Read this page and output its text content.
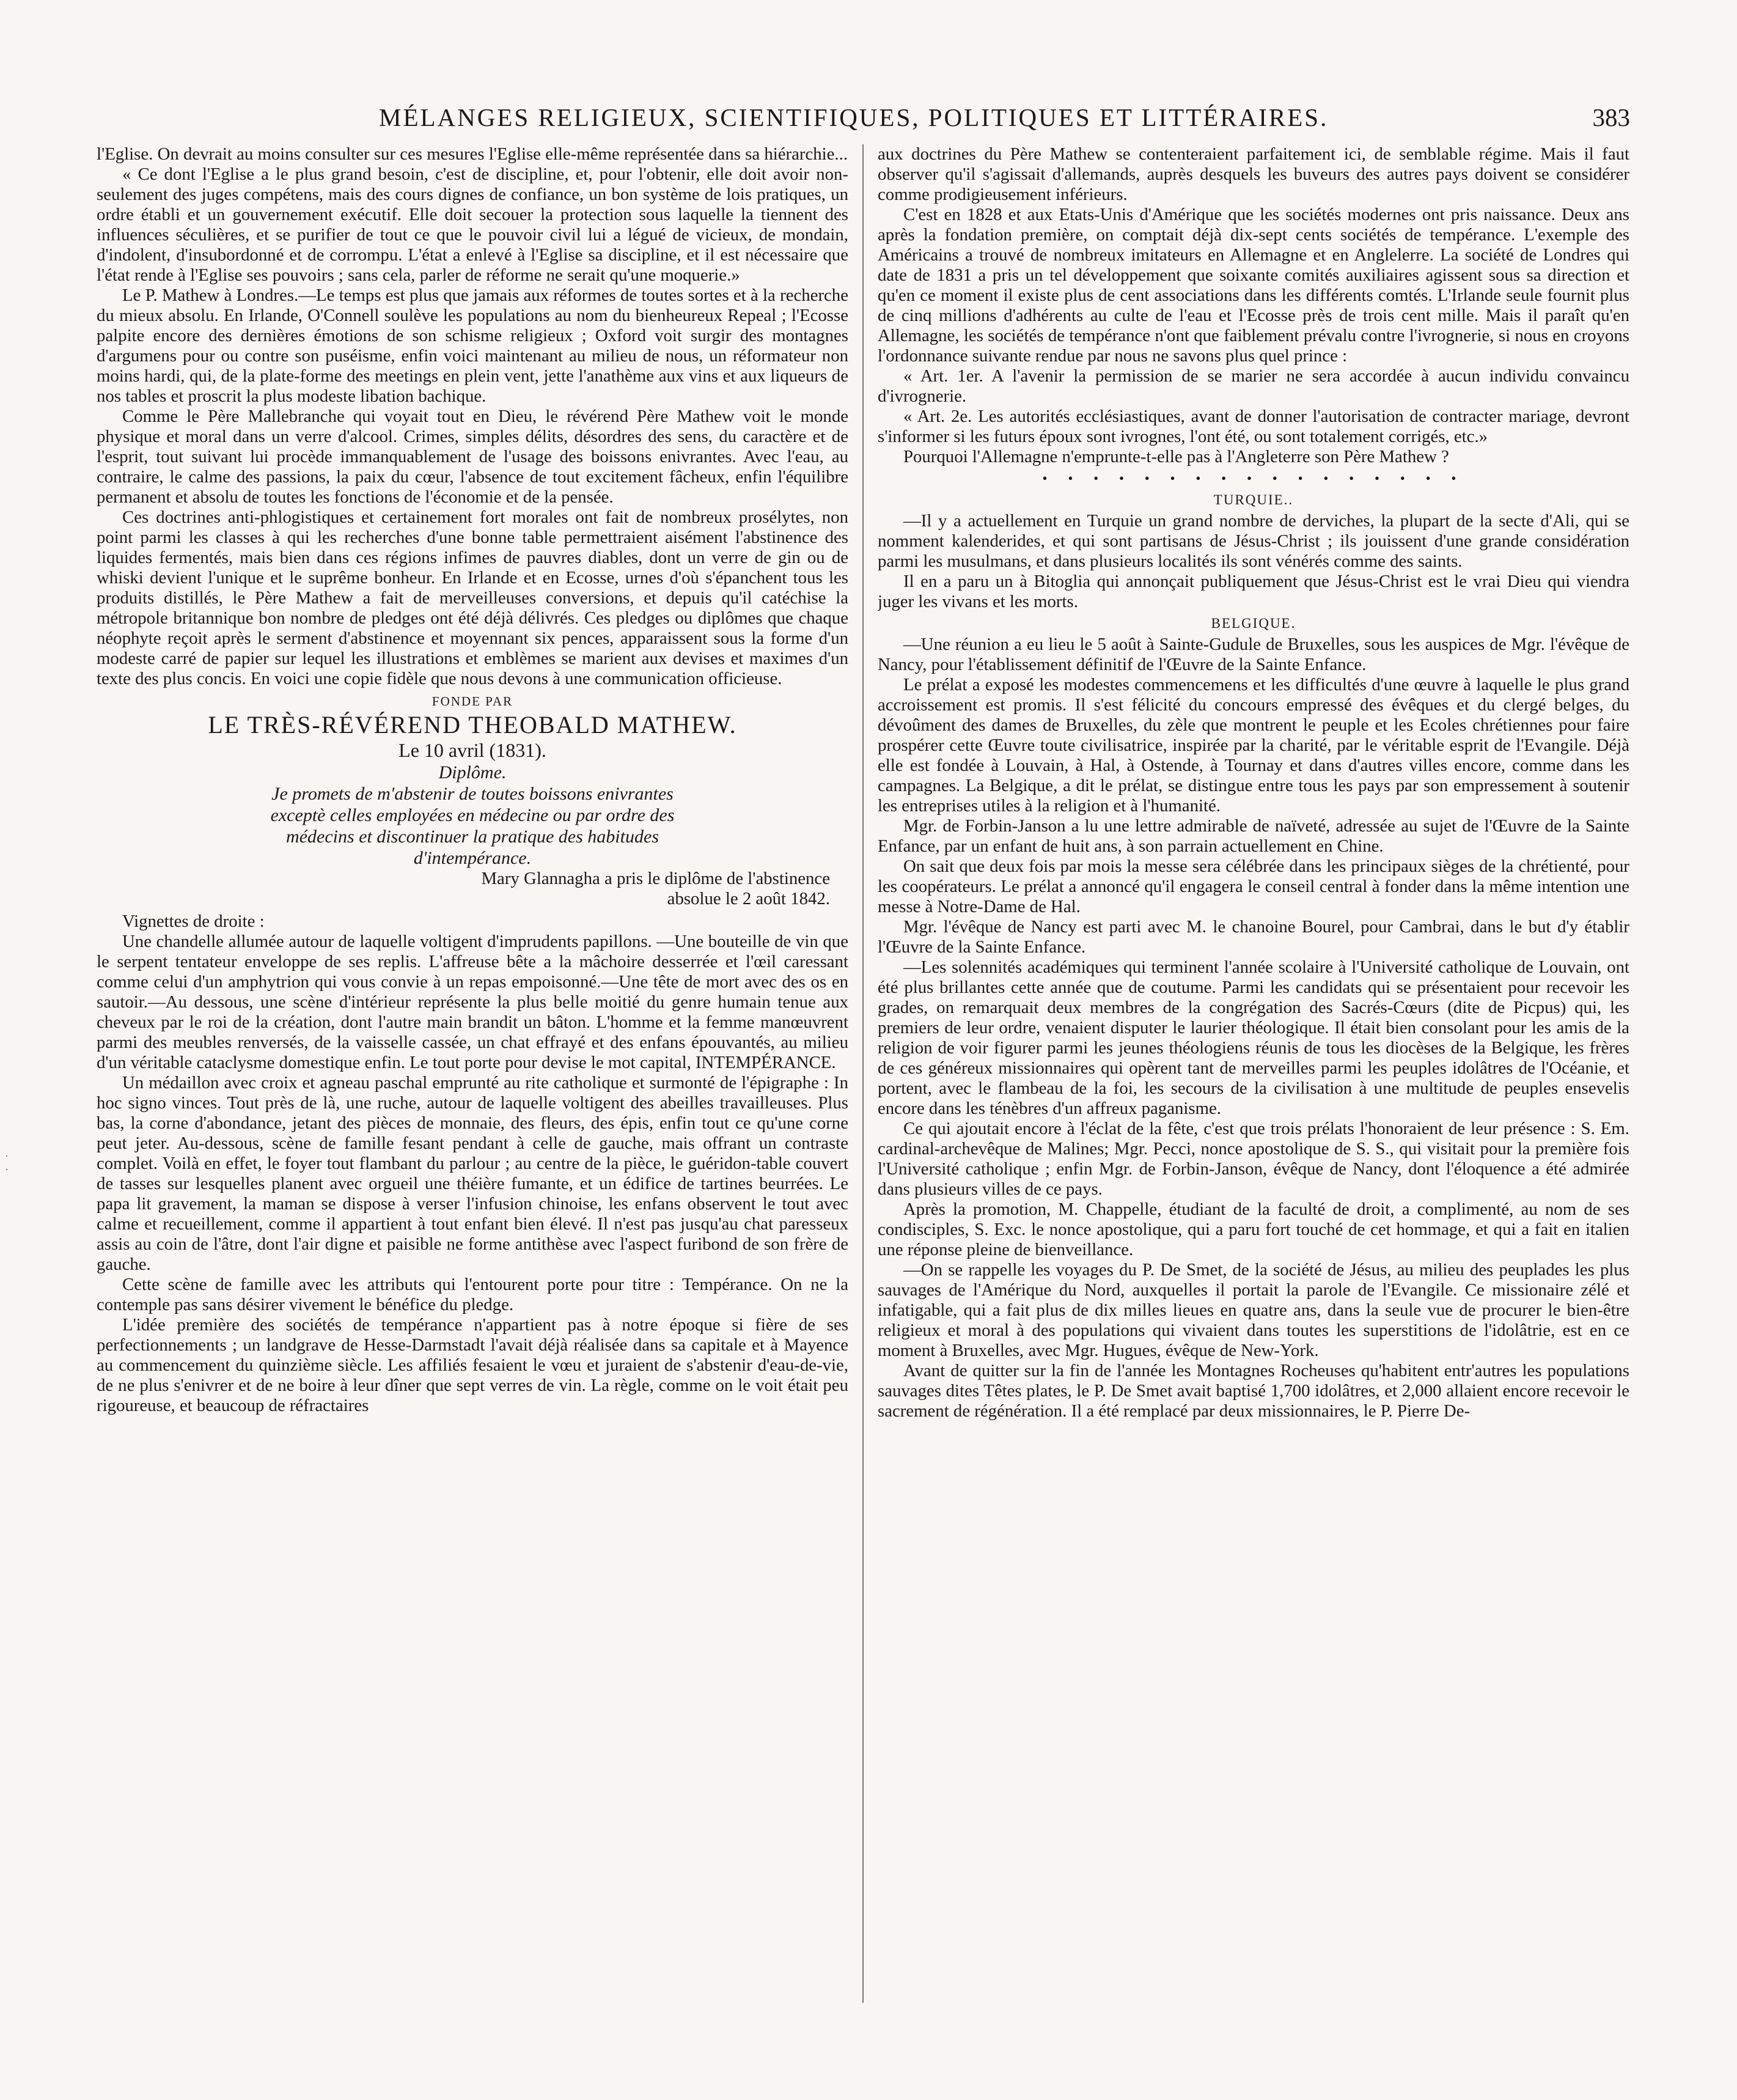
MÉLANGES RELIGIEUX, SCIENTIFIQUES, POLITIQUES ET LITTÉRAIRES.	383
·
·

l'Eglise. On devrait au moins consulter sur ces mesures l'Eglise elle-même représentée dans sa hiérarchie...

« Ce dont l'Eglise a le plus grand besoin, c'est de discipline, et, pour l'obtenir, elle doit avoir non-seulement des juges compétens, mais des cours dignes de confiance, un bon système de lois pratiques, un ordre établi et un gouvernement exécutif. Elle doit secouer la protection sous laquelle la tiennent des influences séculières, et se purifier de tout ce que le pouvoir civil lui a légué de vicieux, de mondain, d'indolent, d'insubordonné et de corrompu. L'état a enlevé à l'Eglise sa discipline, et il est nécessaire que l'état rende à l'Eglise ses pouvoirs ; sans cela, parler de réforme ne serait qu'une moquerie.»

Le P. Mathew à Londres.—Le temps est plus que jamais aux réformes de toutes sortes et à la recherche du mieux absolu. En Irlande, O'Connell soulève les populations au nom du bienheureux Repeal ; l'Ecosse palpite encore des dernières émotions de son schisme religieux ; Oxford voit surgir des montagnes d'argumens pour ou contre son puséisme, enfin voici maintenant au milieu de nous, un réformateur non moins hardi, qui, de la plate-forme des meetings en plein vent, jette l'anathème aux vins et aux liqueurs de nos tables et proscrit la plus modeste libation bachique.

Comme le Père Mallebranche qui voyait tout en Dieu, le révérend Père Mathew voit le monde physique et moral dans un verre d'alcool. Crimes, simples délits, désordres des sens, du caractère et de l'esprit, tout suivant lui procède immanquablement de l'usage des boissons enivrantes. Avec l'eau, au contraire, le calme des passions, la paix du cœur, l'absence de tout excitement fâcheux, enfin l'équilibre permanent et absolu de toutes les fonctions de l'économie et de la pensée.

Ces doctrines anti-phlogistiques et certainement fort morales ont fait de nombreux prosélytes, non point parmi les classes à qui les recherches d'une bonne table permettraient aisément l'abstinence des liquides fermentés, mais bien dans ces régions infimes de pauvres diables, dont un verre de gin ou de whiski devient l'unique et le suprême bonheur. En Irlande et en Ecosse, urnes d'où s'épanchent tous les produits distillés, le Père Mathew a fait de merveilleuses conversions, et depuis qu'il catéchise la métropole britannique bon nombre de pledges ont été déjà délivrés. Ces pledges ou diplômes que chaque néophyte reçoit après le serment d'abstinence et moyennant six pences, apparaissent sous la forme d'un modeste carré de papier sur lequel les illustrations et emblèmes se marient aux devises et maximes d'un texte des plus concis. En voici une copie fidèle que nous devons à une communication officieuse.

FONDE PAR
LE TRÈS-RÉVÉREND THEOBALD MATHEW.
Le 10 avril (1831).
Diplôme.
Je promets de m'abstenir de toutes boissons enivrantes exceptè celles employées en médecine ou par ordre des médecins et discontinuer la pratique des habitudes d'intempérance.
Mary Glannagha a pris le diplôme de l'abstinence absolue le 2 août 1842.

Vignettes de droite :

Une chandelle allumée autour de laquelle voltigent d'imprudents papillons. —Une bouteille de vin que le serpent tentateur enveloppe de ses replis. L'affreuse bête a la mâchoire desserrée et l'œil caressant comme celui d'un amphytrion qui vous convie à un repas empoisonné.—Une tête de mort avec des os en sautoir.—Au dessous, une scène d'intérieur représente la plus belle moitié du genre humain tenue aux cheveux par le roi de la création, dont l'autre main brandit un bâton. L'homme et la femme manœuvrent parmi des meubles renversés, de la vaisselle cassée, un chat effrayé et des enfans épouvantés, au milieu d'un véritable cataclysme domestique enfin. Le tout porte pour devise le mot capital, INTEMPÉRANCE.

Un médaillon avec croix et agneau paschal emprunté au rite catholique et surmonté de l'épigraphe : In hoc signo vinces. Tout près de là, une ruche, autour de laquelle voltigent des abeilles travailleuses. Plus bas, la corne d'abondance, jetant des pièces de monnaie, des fleurs, des épis, enfin tout ce qu'une corne peut jeter. Au-dessous, scène de famille fesant pendant à celle de gauche, mais offrant un contraste complet. Voilà en effet, le foyer tout flambant du parlour ; au centre de la pièce, le guéridon-table couvert de tasses sur lesquelles planent avec orgueil une théière fumante, et un édifice de tartines beurrées. Le papa lit gravement, la maman se dispose à verser l'infusion chinoise, les enfans observent le tout avec calme et recueillement, comme il appartient à tout enfant bien élevé. Il n'est pas jusqu'au chat paresseux assis au coin de l'âtre, dont l'air digne et paisible ne forme antithèse avec l'aspect furibond de son frère de gauche.

Cette scène de famille avec les attributs qui l'entourent porte pour titre : Tempérance. On ne la contemple pas sans désirer vivement le bénéfice du pledge.

L'idée première des sociétés de tempérance n'appartient pas à notre époque si fière de ses perfectionnements ; un landgrave de Hesse-Darmstadt l'avait déjà réalisée dans sa capitale et à Mayence au commencement du quinzième siècle. Les affiliés fesaient le vœu et juraient de s'abstenir d'eau-de-vie, de ne plus s'enivrer et de ne boire à leur dîner que sept verres de vin. La règle, comme on le voit était peu rigoureuse, et beaucoup de réfractaires

aux doctrines du Père Mathew se contenteraient parfaitement ici, de semblable régime. Mais il faut observer qu'il s'agissait d'allemands, auprès desquels les buveurs des autres pays doivent se considérer comme prodigieusement inférieurs.

C'est en 1828 et aux Etats-Unis d'Amérique que les sociétés modernes ont pris naissance. Deux ans après la fondation première, on comptait déjà dix-sept cents sociétés de tempérance. L'exemple des Américains a trouvé de nombreux imitateurs en Allemagne et en Anglelerre. La société de Londres qui date de 1831 a pris un tel développement que soixante comités auxiliaires agissent sous sa direction et qu'en ce moment il existe plus de cent associations dans les différents comtés. L'Irlande seule fournit plus de cinq millions d'adhérents au culte de l'eau et l'Ecosse près de trois cent mille. Mais il paraît qu'en Allemagne, les sociétés de tempérance n'ont que faiblement prévalu contre l'ivrognerie, si nous en croyons l'ordonnance suivante rendue par nous ne savons plus quel prince :

« Art. 1er. A l'avenir la permission de se marier ne sera accordée à aucun individu convaincu d'ivrognerie.

« Art. 2e. Les autorités ecclésiastiques, avant de donner l'autorisation de contracter mariage, devront s'informer si les futurs époux sont ivrognes, l'ont été, ou sont totalement corrigés, etc.»

Pourquoi l'Allemagne n'emprunte-t-elle pas à l'Angleterre son Père Mathew ?

• • • • • • • • • • • • • • • • •
TURQUIE..

—Il y a actuellement en Turquie un grand nombre de derviches, la plupart de la secte d'Ali, qui se nomment kalenderides, et qui sont partisans de Jésus-Christ ; ils jouissent d'une grande considération parmi les musulmans, et dans plusieurs localités ils sont vénérés comme des saints.

Il en a paru un à Bitoglia qui annonçait publiquement que Jésus-Christ est le vrai Dieu qui viendra juger les vivans et les morts.

BELGIQUE.

—Une réunion a eu lieu le 5 août à Sainte-Gudule de Bruxelles, sous les auspices de Mgr. l'évêque de Nancy, pour l'établissement définitif de l'Œuvre de la Sainte Enfance.

Le prélat a exposé les modestes commencemens et les difficultés d'une œuvre à laquelle le plus grand accroissement est promis. Il s'est félicité du concours empressé des évêques et du clergé belges, du dévoûment des dames de Bruxelles, du zèle que montrent le peuple et les Ecoles chrétiennes pour faire prospérer cette Œuvre toute civilisatrice, inspirée par la charité, par le véritable esprit de l'Evangile. Déjà elle est fondée à Louvain, à Hal, à Ostende, à Tournay et dans d'autres villes encore, comme dans les campagnes. La Belgique, a dit le prélat, se distingue entre tous les pays par son empressement à soutenir les entreprises utiles à la religion et à l'humanité.

Mgr. de Forbin-Janson a lu une lettre admirable de naïveté, adressée au sujet de l'Œuvre de la Sainte Enfance, par un enfant de huit ans, à son parrain actuellement en Chine.

On sait que deux fois par mois la messe sera célébrée dans les principaux sièges de la chrétienté, pour les coopérateurs. Le prélat a annoncé qu'il engagera le conseil central à fonder dans la même intention une messe à Notre-Dame de Hal.

Mgr. l'évêque de Nancy est parti avec M. le chanoine Bourel, pour Cambrai, dans le but d'y établir l'Œuvre de la Sainte Enfance.

—Les solennités académiques qui terminent l'année scolaire à l'Université catholique de Louvain, ont été plus brillantes cette année que de coutume. Parmi les candidats qui se présentaient pour recevoir les grades, on remarquait deux membres de la congrégation des Sacrés-Cœurs (dite de Picpus) qui, les premiers de leur ordre, venaient disputer le laurier théologique. Il était bien consolant pour les amis de la religion de voir figurer parmi les jeunes théologiens réunis de tous les diocèses de la Belgique, les frères de ces généreux missionnaires qui opèrent tant de merveilles parmi les peuples idolâtres de l'Océanie, et portent, avec le flambeau de la foi, les secours de la civilisation à une multitude de peuples ensevelis encore dans les ténèbres d'un affreux paganisme.

Ce qui ajoutait encore à l'éclat de la fête, c'est que trois prélats l'honoraient de leur présence : S. Em. cardinal-archevêque de Malines; Mgr. Pecci, nonce apostolique de S. S., qui visitait pour la première fois l'Université catholique ; enfin Mgr. de Forbin-Janson, évêque de Nancy, dont l'éloquence a été admirée dans plusieurs villes de ce pays.

Après la promotion, M. Chappelle, étudiant de la faculté de droit, a complimenté, au nom de ses condisciples, S. Exc. le nonce apostolique, qui a paru fort touché de cet hommage, et qui a fait en italien une réponse pleine de bienveillance.

—On se rappelle les voyages du P. De Smet, de la société de Jésus, au milieu des peuplades les plus sauvages de l'Amérique du Nord, auxquelles il portait la parole de l'Evangile. Ce missionaire zélé et infatigable, qui a fait plus de dix milles lieues en quatre ans, dans la seule vue de procurer le bien-être religieux et moral à des populations qui vivaient dans toutes les superstitions de l'idolâtrie, est en ce moment à Bruxelles, avec Mgr. Hugues, évêque de New-York.

Avant de quitter sur la fin de l'année les Montagnes Rocheuses qu'habitent entr'autres les populations sauvages dites Têtes plates, le P. De Smet avait baptisé 1,700 idolâtres, et 2,000 allaient encore recevoir le sacrement de régénération. Il a été remplacé par deux missionnaires, le P. Pierre De-
